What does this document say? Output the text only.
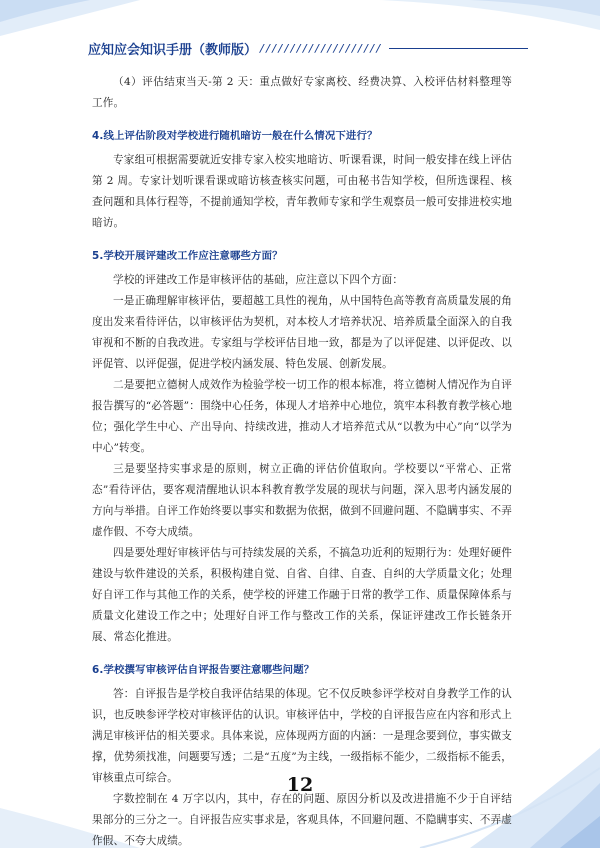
应知应会知识手册（教师版） ////////////////////

（4）评估结束当天-第 2 天：重点做好专家离校、经费决算、入校评估材料整理等工作。

4.线上评估阶段对学校进行随机暗访一般在什么情况下进行？

专家组可根据需要就近安排专家入校实地暗访、听课看课，时间一般安排在线上评估第 2 周。专家计划听课看课或暗访核查核实问题，可由秘书告知学校，但所选课程、核查问题和具体行程等，不提前通知学校，青年教师专家和学生观察员一般可安排进校实地暗访。

5.学校开展评建改工作应注意哪些方面？

学校的评建改工作是审核评估的基础，应注意以下四个方面：

一是正确理解审核评估，要超越工具性的视角，从中国特色高等教育高质量发展的角度出发来看待评估，以审核评估为契机，对本校人才培养状况、培养质量全面深入的自我审视和不断的自我改进。专家组与学校评估目地一致，都是为了以评促建、以评促改、以评促管、以评促强，促进学校内涵发展、特色发展、创新发展。

二是要把立德树人成效作为检验学校一切工作的根本标准，将立德树人情况作为自评报告撰写的“必答题”：围绕中心任务，体现人才培养中心地位，筑牢本科教育教学核心地位；强化学生中心、产出导向、持续改进，推动人才培养范式从“以教为中心”向“以学为中心”转变。

三是要坚持实事求是的原则，树立正确的评估价值取向。学校要以“平常心、正常态”看待评估，要客观清醒地认识本科教育教学发展的现状与问题，深入思考内涵发展的方向与举措。自评工作始终要以事实和数据为依据，做到不回避问题、不隐瞒事实、不弄虚作假、不夸大成绩。

四是要处理好审核评估与可持续发展的关系，不搞急功近利的短期行为：处理好硬件建设与软件建设的关系，积极构建自觉、自省、自律、自查、自纠的大学质量文化；处理好自评工作与其他工作的关系，使学校的评建工作融于日常的教学工作、质量保障体系与质量文化建设工作之中；处理好自评工作与整改工作的关系，保证评建改工作长链条开展、常态化推进。

6.学校撰写审核评估自评报告要注意哪些问题？

答：自评报告是学校自我评估结果的体现。它不仅反映参评学校对自身教学工作的认识，也反映参评学校对审核评估的认识。审核评估中，学校的自评报告应在内容和形式上满足审核评估的相关要求。具体来说，应体现两方面的内涵：一是理念要到位，事实做支撑，优势须找准，问题要写透；二是“五度”为主线，一级指标不能少，二级指标不能丢，审核重点可综合。

字数控制在 4 万字以内，其中，存在的问题、原因分析以及改进措施不少于自评结果部分的三分之一。自评报告应实事求是，客观具体，不回避问题、不隐瞒事实、不弄虚作假、不夸大成绩。

12
